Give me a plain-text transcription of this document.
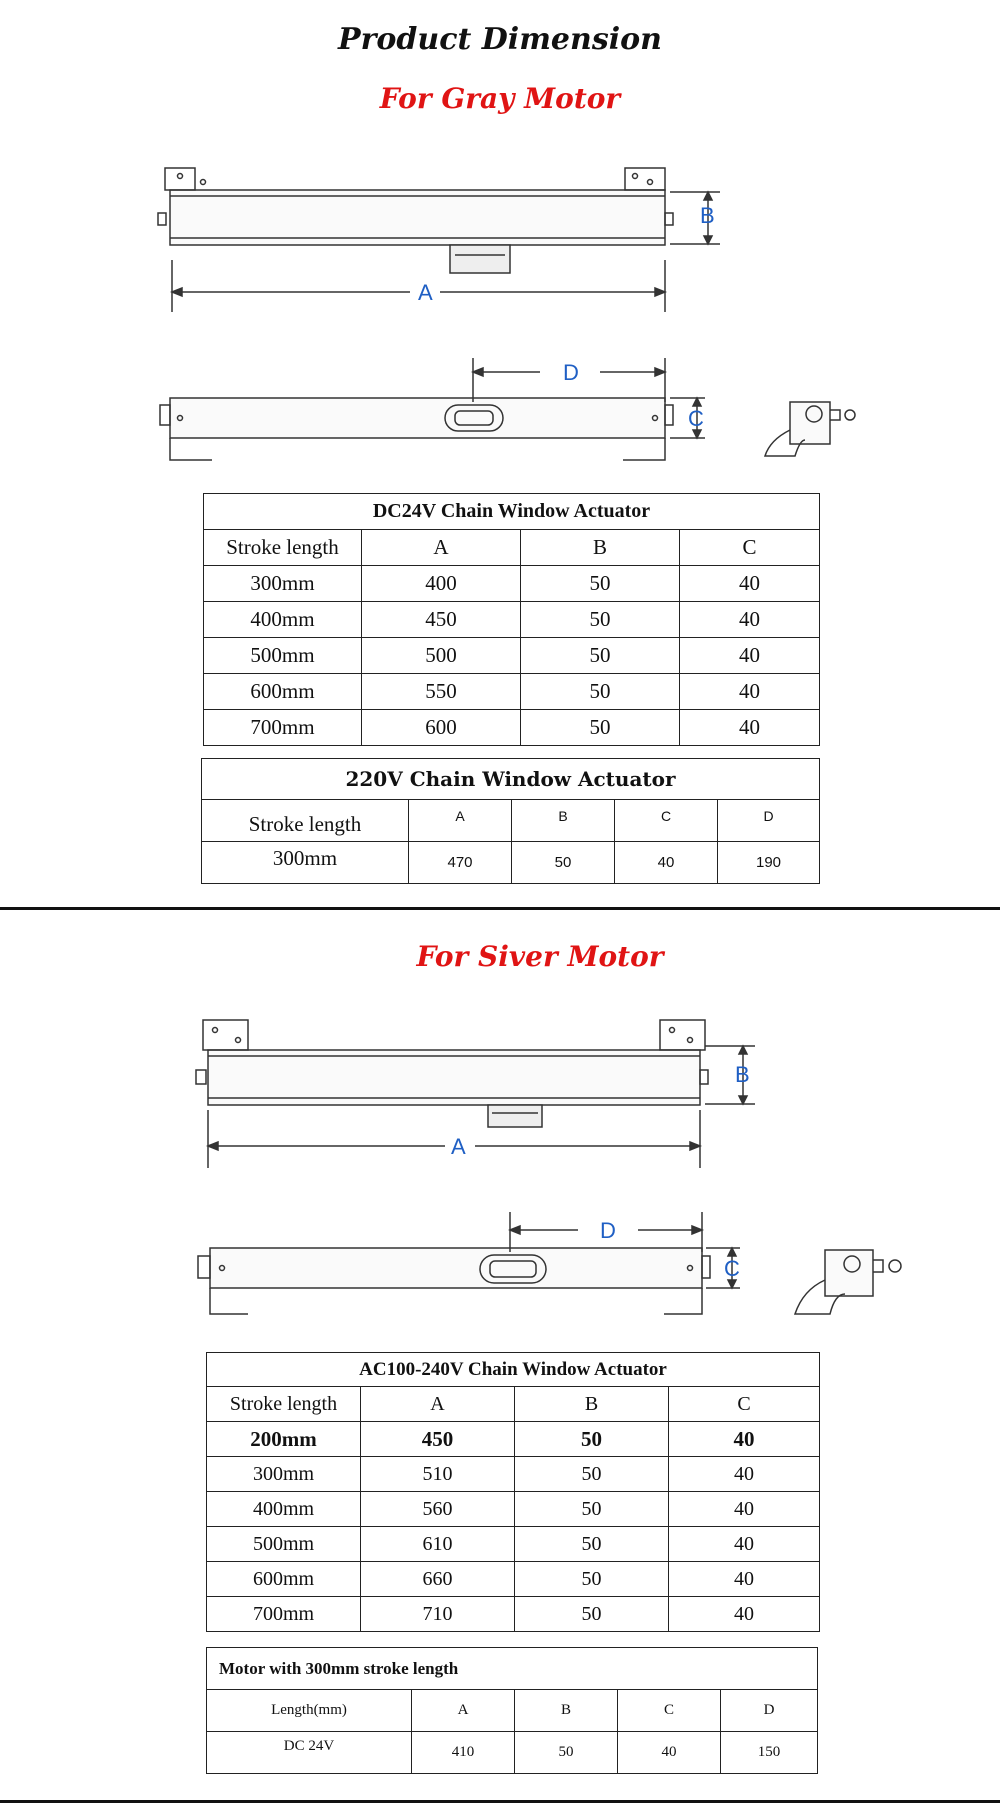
Product Dimension
For Gray Motor
A
B
D
C
DC24V Chain Window Actuator			
Stroke length	A	B	C
300mm	400	50	40
400mm	450	50	40
500mm	500	50	40
600mm	550	50	40
700mm	600	50	40
220V Chain Window Actuator				
Stroke length	A	B	C	D
300mm	470	50	40	190
For Siver Motor
A
B
D
C
AC100-240V Chain Window Actuator			
Stroke length	A	B	C
200mm	450	50	40
300mm	510	50	40
400mm	560	50	40
500mm	610	50	40
600mm	660	50	40
700mm	710	50	40
Motor with 300mm stroke length				
Length(mm)	A	B	C	D
DC 24V	410	50	40	150
